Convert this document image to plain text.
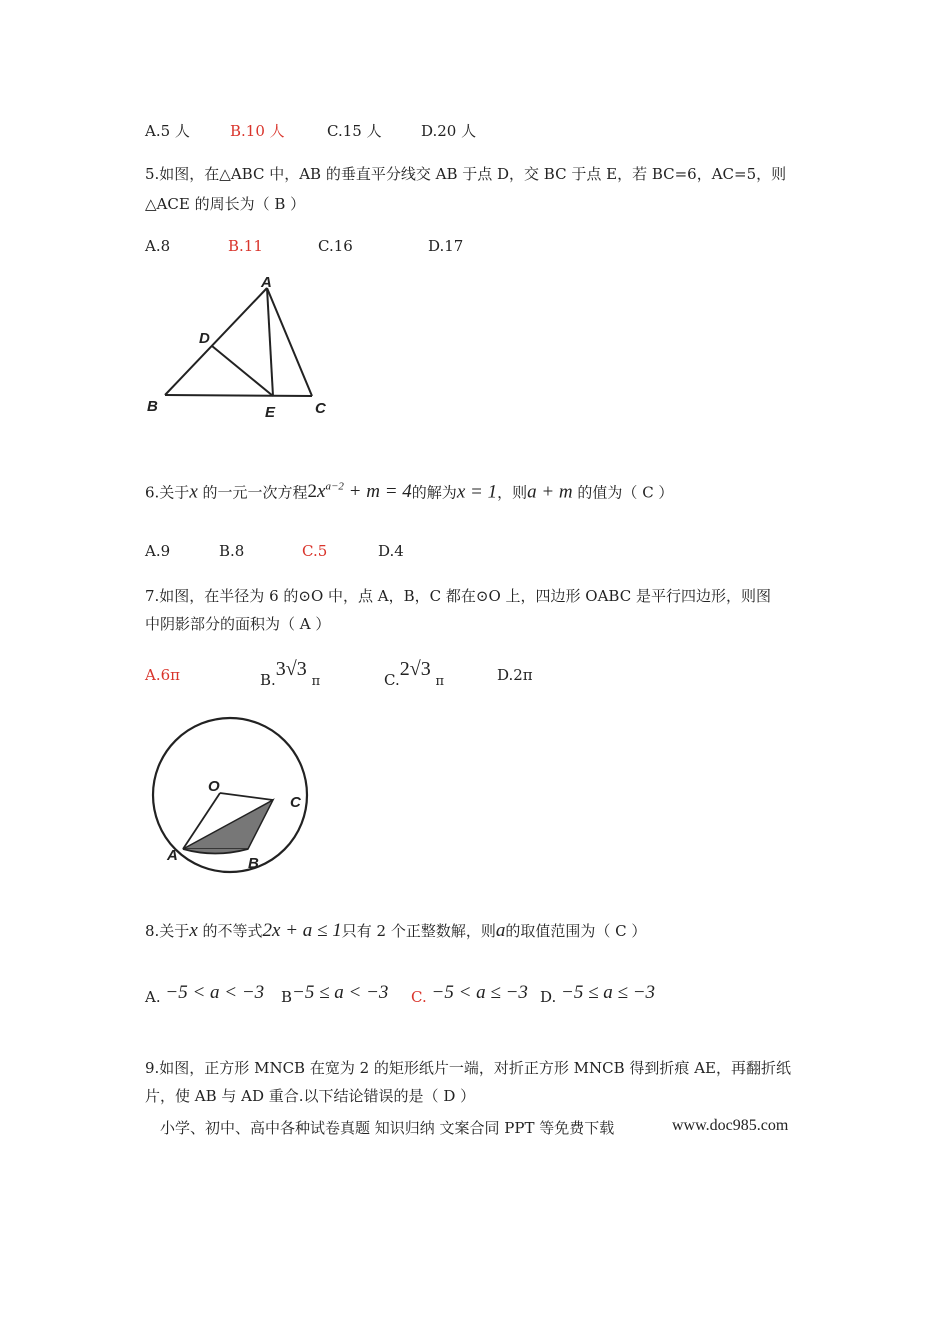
A.5 人	B.10 人	C.15 人	D.20 人
5.如图，在△ABC 中，AB 的垂直平分线交 AB 于点 D，交 BC 于点 E，若 BC=6，AC=5，则
△ACE 的周长为（ B ）
A.8	B.11	C.16	D.17
A
D
B	E	C
6.关于x 的一元一次方程$2x^{a-2} + m = 4$的解为x = 1，则a + m 的值为（ C ）
A.9	B.8	C.5	D.4
7.如图，在半径为 6 的⊙O 中，点 A，B，C 都在⊙O 上，四边形 OABC 是平行四边形，则图
中阴影部分的面积为（ A ）
A.6π	B.3√3 π	C.2√3 π	D.2π
O
C
A	B
8.关于x 的不等式2x + a ≤ 1只有 2 个正整数解，则a的取值范围为（ C ）
A. −5 < a < −3 B−5 ≤ a < −3 C. −5 < a ≤ −3 D. −5 ≤ a ≤ −3
9.如图，正方形 MNCB 在宽为 2 的矩形纸片一端，对折正方形 MNCB 得到折痕 AE，再翻折纸
片，使 AB 与 AD 重合.以下结论错误的是（ D ）
小学、初中、高中各种试卷真题 知识归纳 文案合同 PPT 等免费下载	www.doc985.com
